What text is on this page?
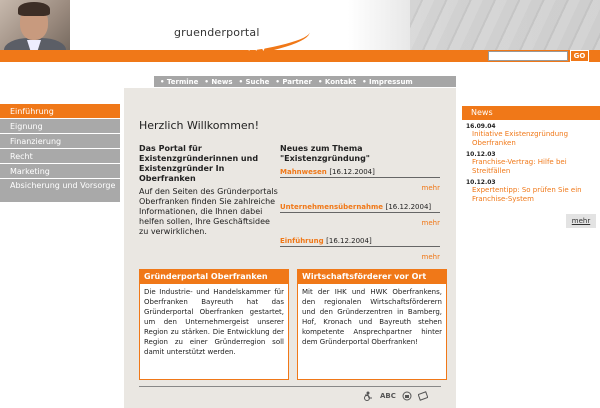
gruenderportal
oberfranken ▼▼▼
GO
• Termine	• News	• Suche	• Partner	• Kontakt	• Impressum
Einführung
Eignung
Finanzierung
Recht
Marketing
Absicherung und Vorsorge
Herzlich Willkommen!
Das Portal für Existenzgründerinnen und Existenzgründer In Oberfranken
Auf den Seiten des Gründerportals Oberfranken finden Sie zahlreiche Informationen, die Ihnen dabei helfen sollen, Ihre Geschäftsidee zu verwirklichen.
Neues zum Thema "Existenzgründung"
Mahnwesen [16.12.2004]
mehr
Unternehmensübernahme [16.12.2004]
mehr
Einführung [16.12.2004]
mehr
Gründerportal Oberfranken
Die Industrie- und Handelskammer für Oberfranken Bayreuth hat das Gründerportal Oberfranken gestartet, um den Unternehmergeist unserer Region zu stärken. Die Entwicklung der Region zu einer Gründerregion soll damit unterstützt werden.
Wirtschaftsförderer vor Ort
Mit der IHK und HWK Oberfrankens, den regionalen Wirtschaftsförderern und den Gründerzentren in Bamberg, Hof, Kronach und Bayreuth stehen kompetente Ansprechpartner hinter dem Gründerportal Oberfranken!
ABC
News
16.09.04
Initiative Existenzgründung Oberfranken
10.12.03
Franchise-Vertrag: Hilfe bei Streitfällen
10.12.03
Expertentipp: So prüfen Sie ein Franchise-System
mehr
